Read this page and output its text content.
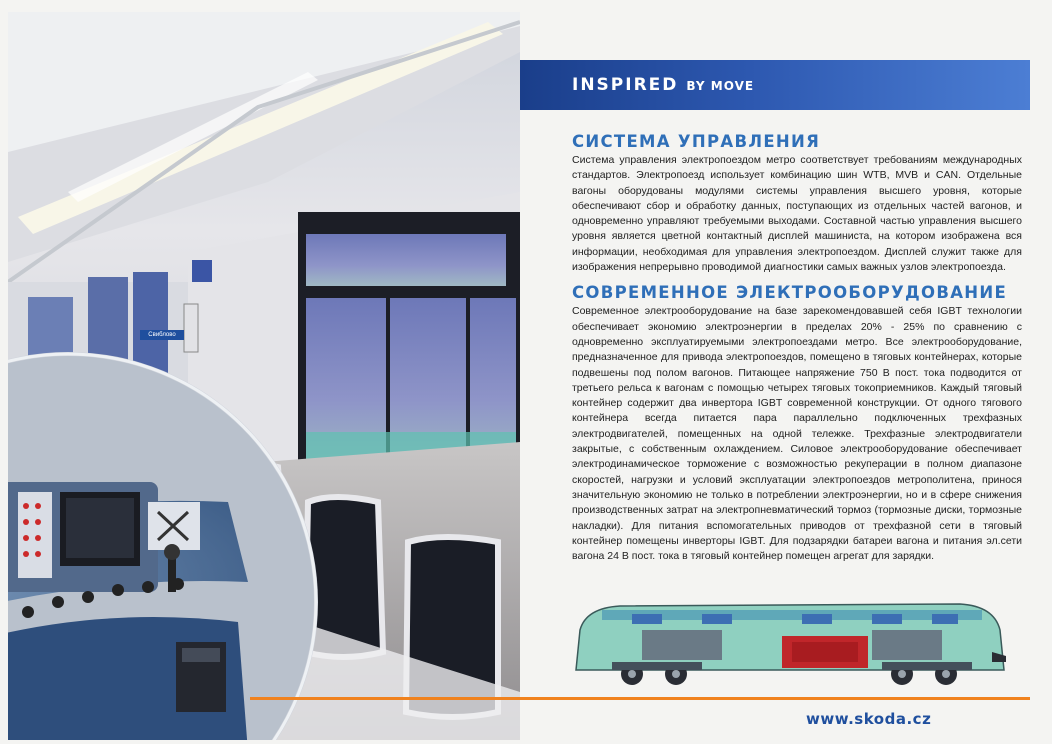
Свиблово
INSPIRED BY MOVE
СИСТЕМА УПРАВЛЕНИЯ

Система управления электропоездом метро соответствует требованиям международных стандартов. Электропоезд использует комбинацию шин WTB, MVB и CAN. Отдельные вагоны оборудованы модулями системы управления высшего уровня, которые обеспечивают сбор и обработку данных, поступающих из отдельных частей вагонов, и одновременно управляют требуемыми выходами. Составной частью управления высшего уровня является цветной контактный дисплей машиниста, на котором изображена вся информации, необходимая для управления электропоездом. Дисплей служит также для изображения непрерывно проводимой диагностики самых важных узлов электропоезда.

СОВРЕМЕННОЕ ЭЛЕКТРООБОРУДОВАНИЕ

Современное электрооборудование на базе зарекомендовавшей себя IGBT технологии обеспечивает экономию электроэнергии в пределах 20% - 25% по сравнению с одновременно эксплуатируемыми электропоездами метро. Все электрооборудование, предназначенное для привода электропоездов, помещено в тяговых контейнерах, которые подвешены под полом вагонов. Питающее напряжение 750 В пост. тока подводится от третьего рельса к вагонам с помощью четырех тяговых токоприемников. Каждый тяговый контейнер содержит два инвертора IGBT современной конструкции. От одного тягового контейнера всегда питается пара параллельно подключенных трехфазных электродвигателей, помещенных на одной тележке. Трехфазные электродвигатели закрытые, с собственным охлаждением. Силовое электрооборудование обеспечивает электродинамическое торможение с возможностью рекуперации в полном диапазоне скоростей, нагрузки и условий эксплуатации электропоездов метрополитена, принося значительную экономию не только в потреблении электроэнергии, но и в сфере снижения производственных затрат на электропневматический тормоз (тормозные диски, тормозные накладки). Для питания вспомогательных приводов от трехфазной сети в тяговый контейнер помещены инверторы IGBT. Для подзарядки батареи вагона и питания эл.сети вагона 24 В пост. тока в тяговый контейнер помещен агрегат для зарядки.

www.skoda.cz
